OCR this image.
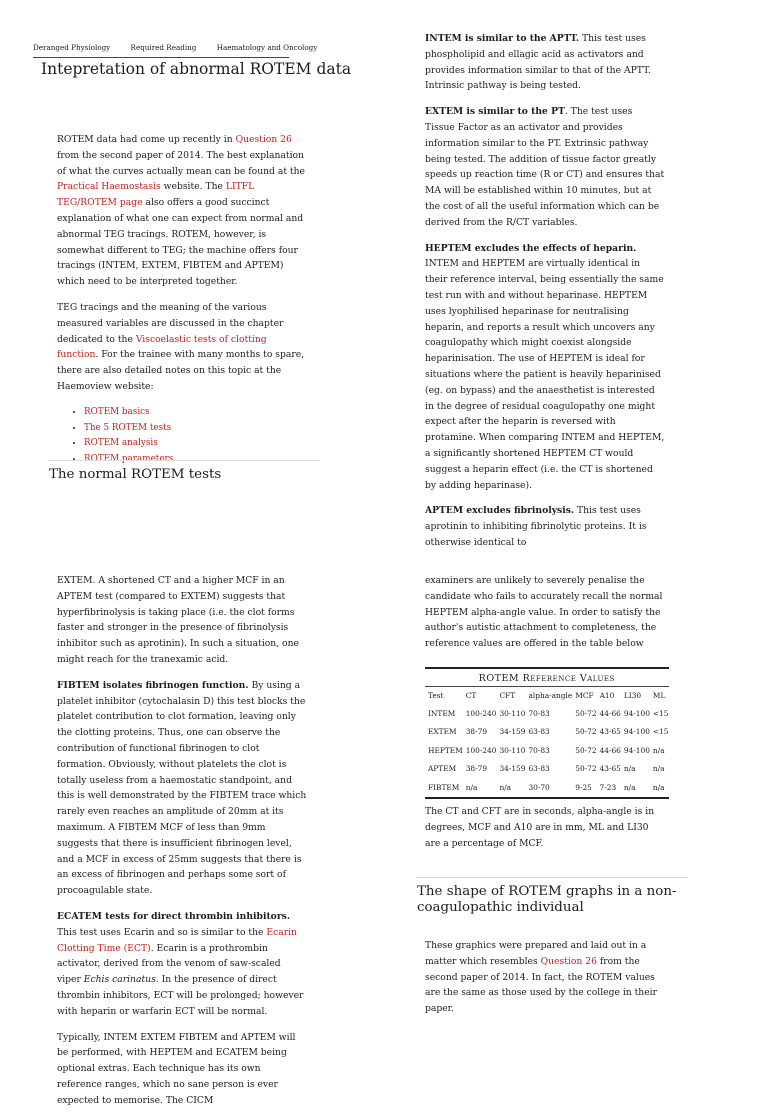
Deranged Physiology	Required Reading	Haematology and Oncology
Intepretation of abnormal ROTEM data

ROTEM data had come up recently in Question 26 from the second paper of 2014. The best explanation of what the curves actually mean can be found at the Practical Haemostasis website. The LITFL TEG/ROTEM page also offers a good succinct explanation of what one can expect from normal and abnormal TEG tracings. ROTEM, however, is somewhat different to TEG; the machine offers four tracings (INTEM, EXTEM, FIBTEM and APTEM) which need to be interpreted together.

TEG tracings and the meaning of the various measured variables are discussed in the chapter dedicated to the Viscoelastic tests of clotting function. For the trainee with many months to spare, there are also detailed notes on this topic at the Haemoview website:

• ROTEM basics
• The 5 ROTEM tests
• ROTEM analysis
• ROTEM parameters
The normal ROTEM tests

INTEM is similar to the APTT. This test uses phospholipid and ellagic acid as activators and provides information similar to that of the APTT. Intrinsic pathway is being tested.

EXTEM is similar to the PT. The test uses Tissue Factor as an activator and provides information similar to the PT. Extrinsic pathway being tested. The addition of tissue factor greatly speeds up reaction time (R or CT) and ensures that MA will be established within 10 minutes, but at the cost of all the useful information which can be derived from the R/CT variables.

HEPTEM excludes the effects of heparin. INTEM and HEPTEM are virtually identical in their reference interval, being essentially the same test run with and without heparinase. HEPTEM uses lyophilised heparinase for neutralising heparin, and reports a result which uncovers any coagulopathy which might coexist alongside heparinisation. The use of HEPTEM is ideal for situations where the patient is heavily heparinised (eg. on bypass) and the anaesthetist is interested in the degree of residual coagulopathy one might expect after the heparin is reversed with protamine. When comparing INTEM and HEPTEM, a significantly shortened HEPTEM CT would suggest a heparin effect (i.e. the CT is shortened by adding heparinase).

APTEM excludes fibrinolysis. This test uses aprotinin to inhibiting fibrinolytic proteins. It is otherwise identical to

EXTEM. A shortened CT and a higher MCF in an APTEM test (compared to EXTEM) suggests that hyperfibrinolysis is taking place (i.e. the clot forms faster and stronger in the presence of fibrinolysis inhibitor such as aprotinin). In such a situation, one might reach for the tranexamic acid.

FIBTEM isolates fibrinogen function. By using a platelet inhibitor (cytochalasin D) this test blocks the platelet contribution to clot formation, leaving only the clotting proteins. Thus, one can observe the contribution of functional fibrinogen to clot formation. Obviously, without platelets the clot is totally useless from a haemostatic standpoint, and this is well demonstrated by the FIBTEM trace which rarely even reaches an amplitude of 20mm at its maximum. A FIBTEM MCF of less than 9mm suggests that there is insufficient fibrinogen level, and a MCF in excess of 25mm suggests that there is an excess of fibrinogen and perhaps some sort of procoagulable state.

ECATEM tests for direct thrombin inhibitors. This test uses Ecarin and so is similar to the Ecarin Clotting Time (ECT). Ecarin is a prothrombin activator, derived from the venom of saw-scaled viper Echis carinatus. In the presence of direct thrombin inhibitors, ECT will be prolonged; however with heparin or warfarin ECT will be normal.

Typically, INTEM EXTEM FIBTEM and APTEM will be performed, with HEPTEM and ECATEM being optional extras. Each technique has its own reference ranges, which no sane person is ever expected to memorise. The CICM

examiners are unlikely to severely penalise the candidate who fails to accurately recall the normal HEPTEM alpha-angle value. In order to satisfy the author's autistic attachment to completeness, the reference values are offered in the table below

ROTEM Reference Values
Test	CT	CFT	alpha-angle	MCF	A10	LI30	ML
INTEM	100-240	30-110	70-83	50-72	44-66	94-100	<15
EXTEM	38-79	34-159	63-83	50-72	43-65	94-100	<15
HEPTEM	100-240	30-110	70-83	50-72	44-66	94-100	n/a
APTEM	38-79	34-159	63-83	50-72	43-65	n/a	n/a
FIBTEM	n/a	n/a	30-70	9-25	7-23	n/a	n/a

The CT and CFT are in seconds, alpha-angle is in degrees, MCF and A10 are in mm, ML and LI30 are a percentage of MCF.

The shape of ROTEM graphs in a non-coagulopathic individual

These graphics were prepared and laid out in a matter which resembles Question 26 from the second paper of 2014. In fact, the ROTEM values are the same as those used by the college in their paper.
